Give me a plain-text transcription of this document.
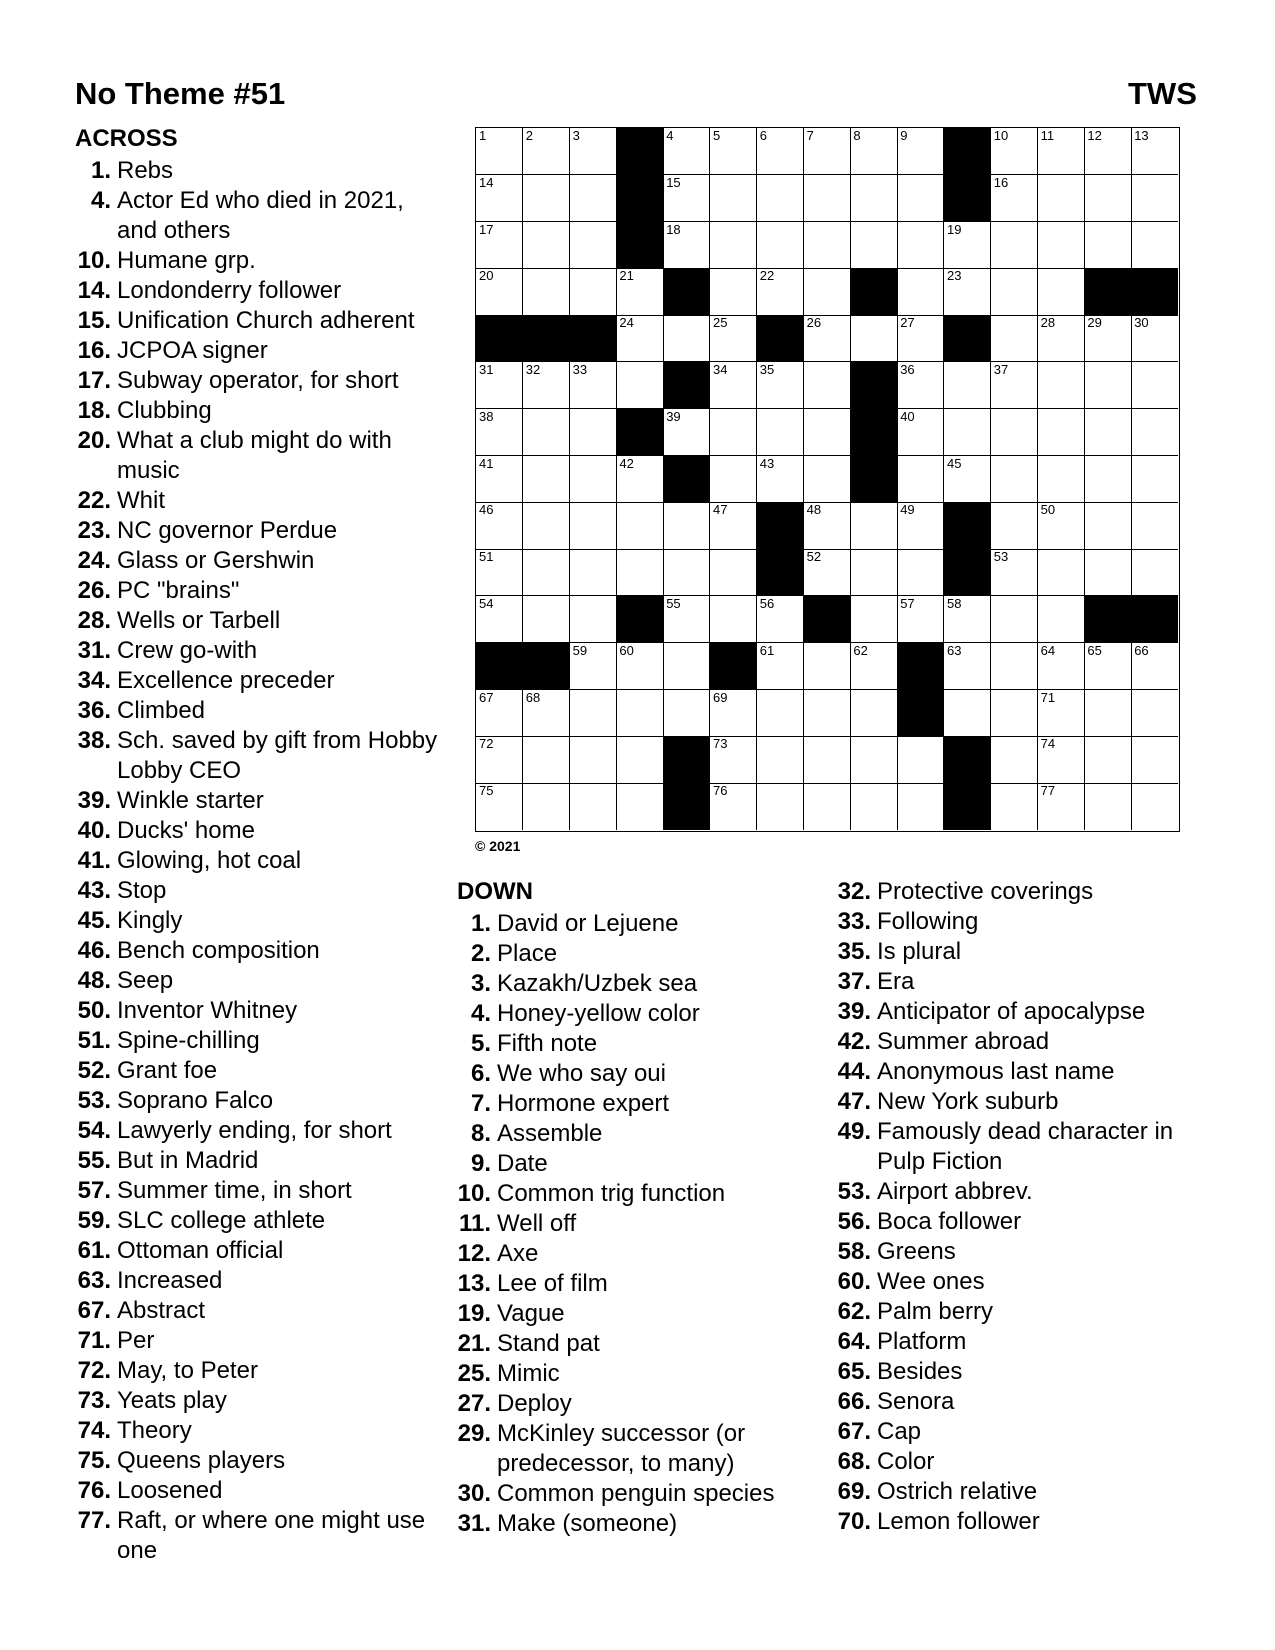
No Theme #51	TWS
ACROSS
1. Rebs
4. Actor Ed who died in 2021, and others
10. Humane grp.
14. Londonderry follower
15. Unification Church adherent
16. JCPOA signer
17. Subway operator, for short
18. Clubbing
20. What a club might do with music
22. Whit
23. NC governor Perdue
24. Glass or Gershwin
26. PC "brains"
28. Wells or Tarbell
31. Crew go-with
34. Excellence preceder
36. Climbed
38. Sch. saved by gift from Hobby Lobby CEO
39. Winkle starter
40. Ducks' home
41. Glowing, hot coal
43. Stop
45. Kingly
46. Bench composition
48. Seep
50. Inventor Whitney
51. Spine-chilling
52. Grant foe
53. Soprano Falco
54. Lawyerly ending, for short
55. But in Madrid
57. Summer time, in short
59. SLC college athlete
61. Ottoman official
63. Increased
67. Abstract
71. Per
72. May, to Peter
73. Yeats play
74. Theory
75. Queens players
76. Loosened
77. Raft, or where one might use one
1	2	3	4	5	6	7	8	9	10 11	12 13
14	15	16
17	18	19
20	21	22	23
24	25	26	27	28 29 30
31 32 33	34 35	36	37
38	39	40
41	42	43	45
46	47	48	49	50
51	52	53
54	55	56	57 58
59 60	61	62	63	64 65 66
67 68	69	71
72	73	74
75	76	77
© 2021
DOWN
1. David or Lejuene
2. Place
3. Kazakh/Uzbek sea
4. Honey-yellow color
5. Fifth note
6. We who say oui
7. Hormone expert
8. Assemble
9. Date
10. Common trig function
11. Well off
12. Axe
13. Lee of film
19. Vague
21. Stand pat
25. Mimic
27. Deploy
29. McKinley successor (or predecessor, to many)
30. Common penguin species
31. Make (someone)
32. Protective coverings
33. Following
35. Is plural
37. Era
39. Anticipator of apocalypse
42. Summer abroad
44. Anonymous last name
47. New York suburb
49. Famously dead character in Pulp Fiction
53. Airport abbrev.
56. Boca follower
58. Greens
60. Wee ones
62. Palm berry
64. Platform
65. Besides
66. Senora
67. Cap
68. Color
69. Ostrich relative
70. Lemon follower
